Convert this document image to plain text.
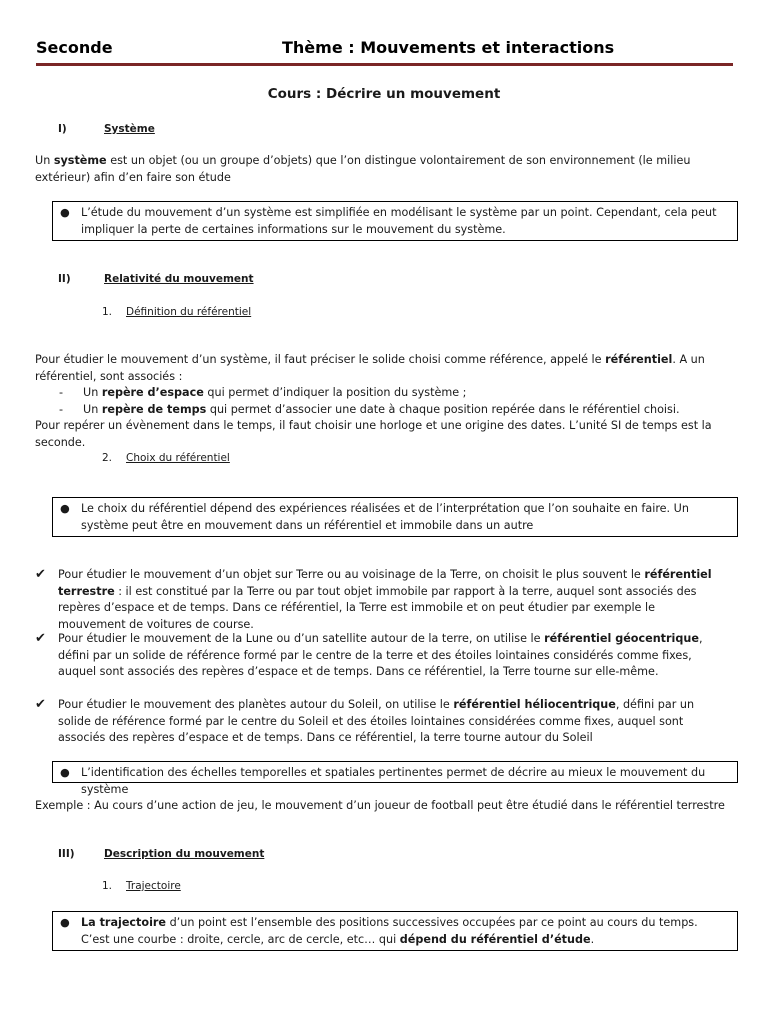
Seconde	Thème : Mouvements et interactions
Cours : Décrire un mouvement
I)	Système
Un système est un objet (ou un groupe d’objets) que l’on distingue volontairement de son environnement (le milieu extérieur) afin d’en faire son étude
● L’étude du mouvement d’un système est simplifiée en modélisant le système par un point. Cependant, cela peut impliquer la perte de certaines informations sur le mouvement du système.
II)	Relativité du mouvement
1. Définition du référentiel
Pour étudier le mouvement d’un système, il faut préciser le solide choisi comme référence, appelé le référentiel. A un référentiel, sont associés :
- Un repère d’espace qui permet d’indiquer la position du système ;
- Un repère de temps qui permet d’associer une date à chaque position repérée dans le référentiel choisi.
Pour repérer un évènement dans le temps, il faut choisir une horloge et une origine des dates. L’unité SI de temps est la seconde.
2. Choix du référentiel
● Le choix du référentiel dépend des expériences réalisées et de l’interprétation que l’on souhaite en faire. Un système peut être en mouvement dans un référentiel et immobile dans un autre
✔ Pour étudier le mouvement d’un objet sur Terre ou au voisinage de la Terre, on choisit le plus souvent le référentiel terrestre : il est constitué par la Terre ou par tout objet immobile par rapport à la terre, auquel sont associés des repères d’espace et de temps. Dans ce référentiel, la Terre est immobile et on peut étudier par exemple le mouvement de voitures de course.
✔ Pour étudier le mouvement de la Lune ou d’un satellite autour de la terre, on utilise le référentiel géocentrique, défini par un solide de référence formé par le centre de la terre et des étoiles lointaines considérés comme fixes, auquel sont associés des repères d’espace et de temps. Dans ce référentiel, la Terre tourne sur elle-même.
✔ Pour étudier le mouvement des planètes autour du Soleil, on utilise le référentiel héliocentrique, défini par un solide de référence formé par le centre du Soleil et des étoiles lointaines considérées comme fixes, auquel sont associés des repères d’espace et de temps. Dans ce référentiel, la terre tourne autour du Soleil
● L’identification des échelles temporelles et spatiales pertinentes permet de décrire au mieux le mouvement du système
Exemple : Au cours d’une action de jeu, le mouvement d’un joueur de football peut être étudié dans le référentiel terrestre
III)	Description du mouvement
1. Trajectoire
● La trajectoire d’un point est l’ensemble des positions successives occupées par ce point au cours du temps. C’est une courbe : droite, cercle, arc de cercle, etc… qui dépend du référentiel d’étude.
